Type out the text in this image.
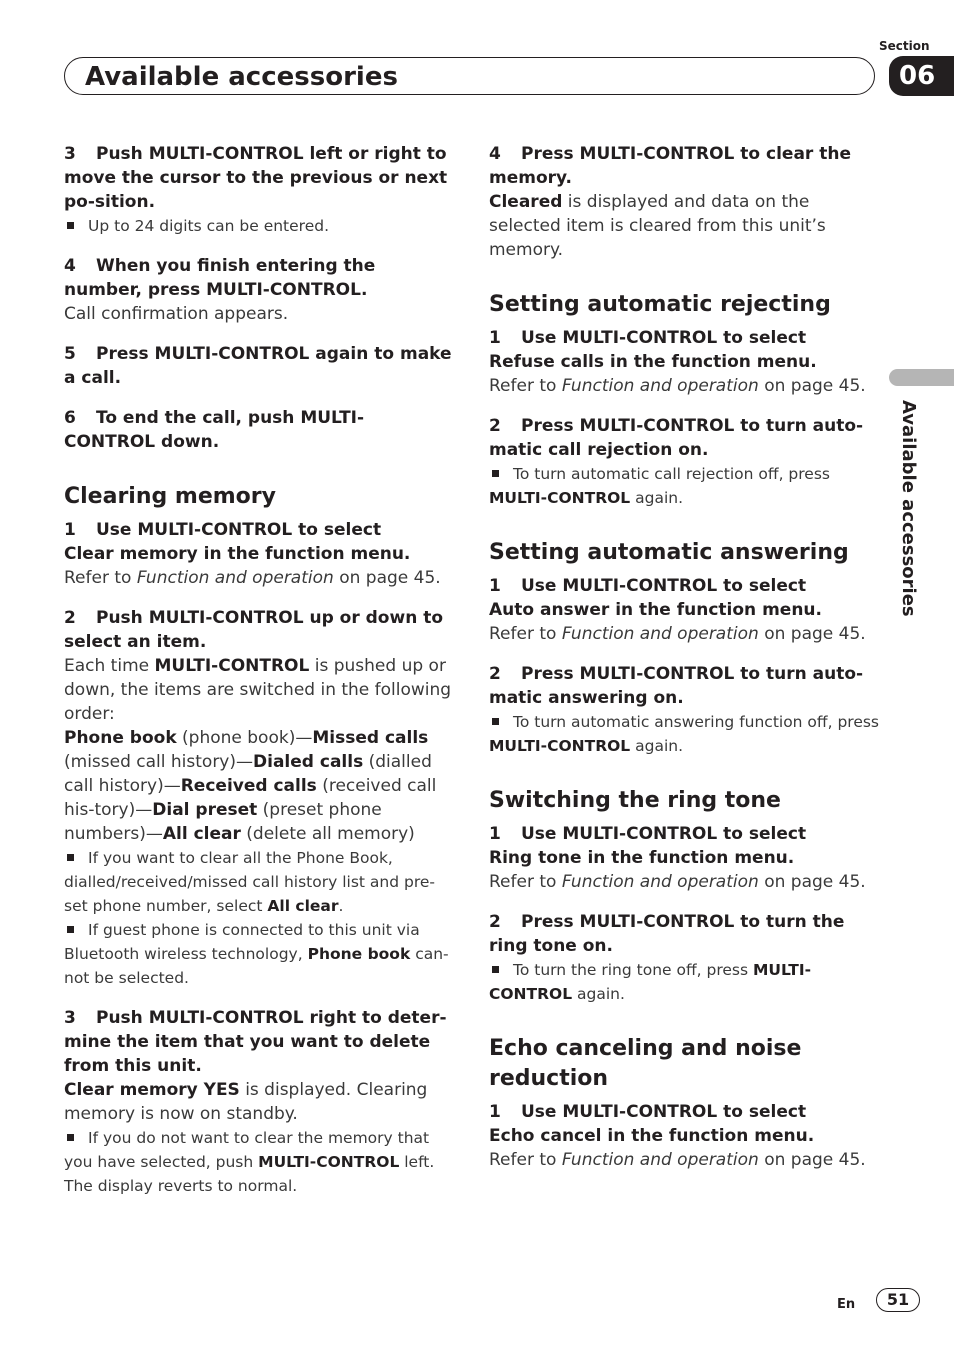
Section
06
Available accessories
Available accessories
3 Push MULTI-CONTROL left or right to move the cursor to the previous or next po-sition.
Up to 24 digits can be entered.
4 When you finish entering the number, press MULTI-CONTROL.
Call confirmation appears.
5 Press MULTI-CONTROL again to make a call.
6 To end the call, push MULTI-CONTROL down.
Clearing memory
1 Use MULTI-CONTROL to select
Clear memory in the function menu.
Refer to Function and operation on page 45.
2 Push MULTI-CONTROL up or down to select an item.
Each time MULTI-CONTROL is pushed up or down, the items are switched in the following order:
Phone book (phone book)—Missed calls (missed call history)—Dialed calls (dialled call history)—Received calls (received call his-tory)—Dial preset (preset phone numbers)—All clear (delete all memory)
If you want to clear all the Phone Book, dialled/received/missed call history list and pre-set phone number, select All clear.
If guest phone is connected to this unit via Bluetooth wireless technology, Phone book can-not be selected.
3 Push MULTI-CONTROL right to deter-mine the item that you want to delete from this unit.
Clear memory YES is displayed. Clearing memory is now on standby.
If you do not want to clear the memory that you have selected, push MULTI-CONTROL left. The display reverts to normal.
4 Press MULTI-CONTROL to clear the memory.
Cleared is displayed and data on the selected item is cleared from this unit’s memory.
Setting automatic rejecting
1 Use MULTI-CONTROL to select
Refuse calls in the function menu.
Refer to Function and operation on page 45.
2 Press MULTI-CONTROL to turn auto-matic call rejection on.
To turn automatic call rejection off, press MULTI-CONTROL again.
Setting automatic answering
1 Use MULTI-CONTROL to select
Auto answer in the function menu.
Refer to Function and operation on page 45.
2 Press MULTI-CONTROL to turn auto-matic answering on.
To turn automatic answering function off, press MULTI-CONTROL again.
Switching the ring tone
1 Use MULTI-CONTROL to select
Ring tone in the function menu.
Refer to Function and operation on page 45.
2 Press MULTI-CONTROL to turn the ring tone on.
To turn the ring tone off, press MULTI-CONTROL again.
Echo canceling and noise reduction
1 Use MULTI-CONTROL to select
Echo cancel in the function menu.
Refer to Function and operation on page 45.
En	51
